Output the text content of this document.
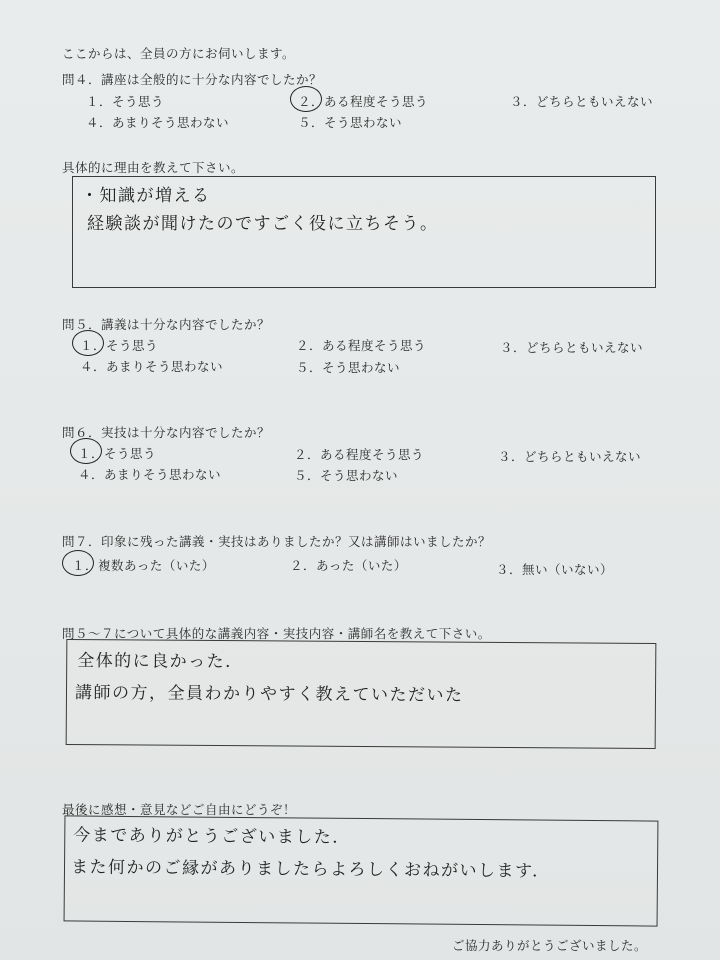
ここからは、全員の方にお伺いします。
問４．講座は全般的に十分な内容でしたか？
１．そう思う	２．ある程度そう思う	３．どちらともいえない
４．あまりそう思わない	５．そう思わない
具体的に理由を教えて下さい。
・知識が増える
経験談が聞けたのですごく役に立ちそう。
問５．講義は十分な内容でしたか？
１．そう思う	２．ある程度そう思う	３．どちらともいえない
４．あまりそう思わない	５．そう思わない
問６．実技は十分な内容でしたか？
１．そう思う	２．ある程度そう思う	３．どちらともいえない
４．あまりそう思わない	５．そう思わない
問７．印象に残った講義・実技はありましたか？又は講師はいましたか？
１．複数あった（いた）	２．あった（いた）	３．無い（いない）
問５～７について具体的な講義内容・実技内容・講師名を教えて下さい。
全体的に良かった．
講師の方，全員わかりやすく教えていただいた
最後に感想・意見などご自由にどうぞ！
今までありがとうございました．
また何かのご縁がありましたらよろしくおねがいします．
ご協力ありがとうございました。
